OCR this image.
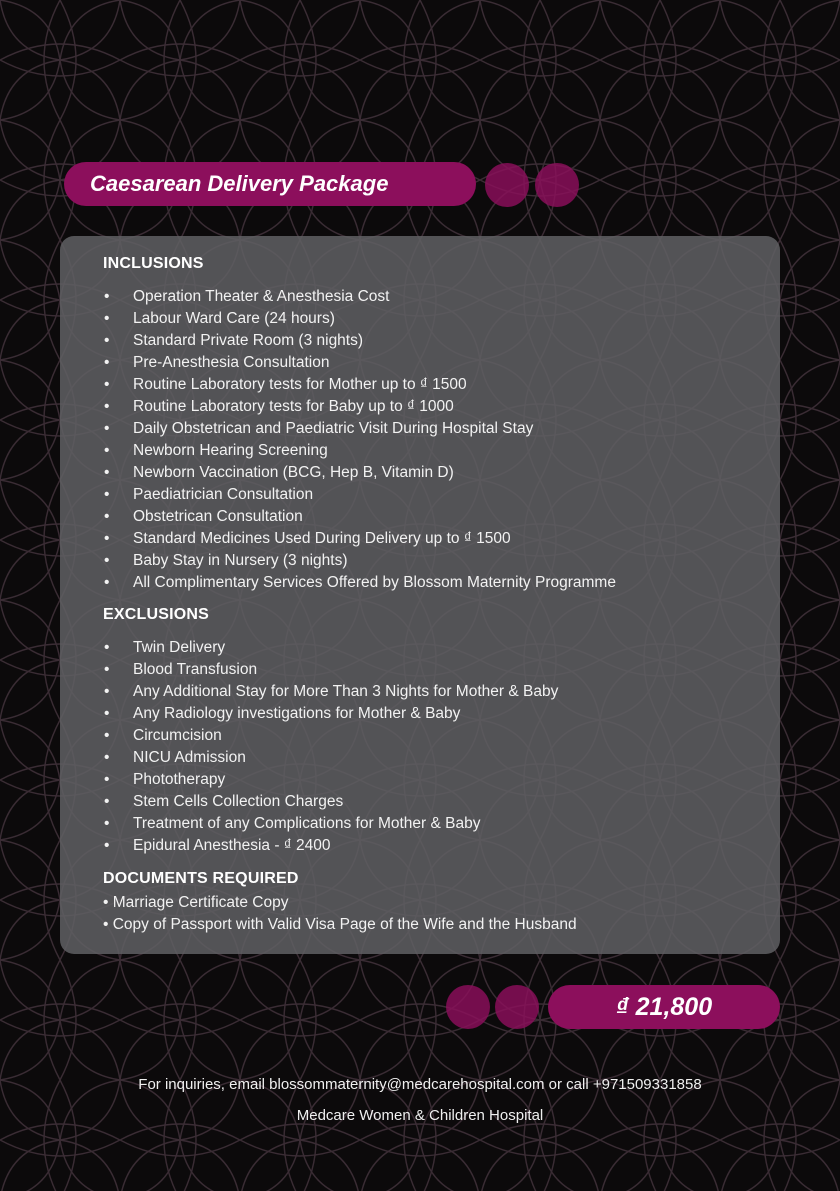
Caesarean Delivery Package
INCLUSIONS
• Operation Theater & Anesthesia Cost
• Labour Ward Care (24 hours)
• Standard Private Room (3 nights)
• Pre-Anesthesia Consultation
• Routine Laboratory tests for Mother up to ₫ 1500
• Routine Laboratory tests for Baby up to ₫ 1000
• Daily Obstetrican and Paediatric Visit During Hospital Stay
• Newborn Hearing Screening
• Newborn Vaccination (BCG, Hep B, Vitamin D)
• Paediatrician Consultation
• Obstetrican Consultation
• Standard Medicines Used During Delivery up to ₫ 1500
• Baby Stay in Nursery (3 nights)
• All Complimentary Services Offered by Blossom Maternity Programme
EXCLUSIONS
• Twin Delivery
• Blood Transfusion
• Any Additional Stay for More Than 3 Nights for Mother & Baby
• Any Radiology investigations for Mother & Baby
• Circumcision
• NICU Admission
• Phototherapy
• Stem Cells Collection Charges
• Treatment of any Complications for Mother & Baby
• Epidural Anesthesia - ₫ 2400
DOCUMENTS REQUIRED
• Marriage Certificate Copy
• Copy of Passport with Valid Visa Page of the Wife and the Husband
₫ 21,800
For inquiries, email blossommaternity@medcarehospital.com or call +971509331858
Medcare Women & Children Hospital
